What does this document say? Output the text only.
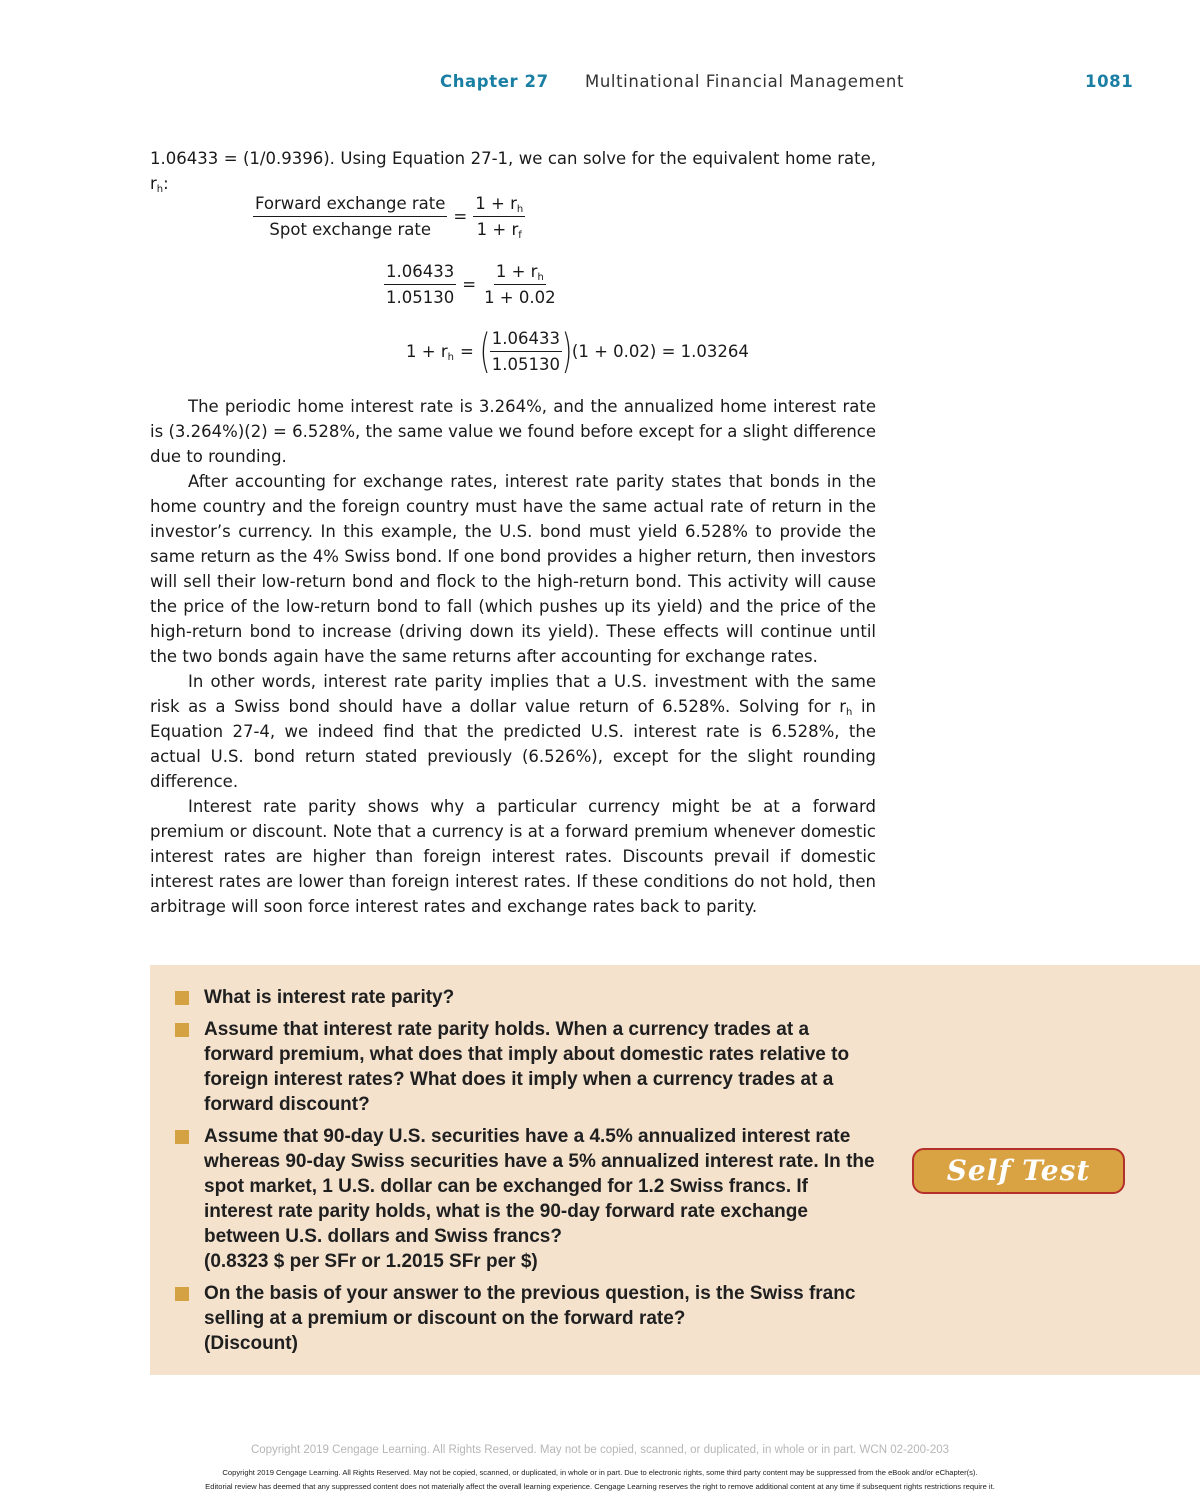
Chapter 27 Multinational Financial Management	1081

1.06433 = (1/0.9396). Using Equation 27-1, we can solve for the equivalent home rate, $r_h$:

$\frac{\text{Forward exchange rate}}{\text{Spot exchange rate}} = \frac{1 + r_h}{1 + r_f}$
$\frac{1.06433}{1.05130} = \frac{1 + r_h}{1 + 0.02}$
$1 + r_h$ = ( $\frac{1.06433}{1.05130}$ ) (1 + 0.02) = 1.03264

The periodic home interest rate is 3.264%, and the annualized home interest rate is (3.264%)(2) = 6.528%, the same value we found before except for a slight difference due to rounding.

After accounting for exchange rates, interest rate parity states that bonds in the home country and the foreign country must have the same actual rate of return in the investor’s currency. In this example, the U.S. bond must yield 6.528% to provide the same return as the 4% Swiss bond. If one bond provides a higher return, then investors will sell their low-return bond and flock to the high-return bond. This activity will cause the price of the low-return bond to fall (which pushes up its yield) and the price of the high-return bond to increase (driving down its yield). These effects will continue until the two bonds again have the same returns after accounting for exchange rates.

In other words, interest rate parity implies that a U.S. investment with the same risk as a Swiss bond should have a dollar value return of 6.528%. Solving for $r_h$ in Equation 27-4, we indeed find that the predicted U.S. interest rate is 6.528%, the actual U.S. bond return stated previously (6.526%), except for the slight rounding difference.

Interest rate parity shows why a particular currency might be at a forward premium or discount. Note that a currency is at a forward premium whenever domestic interest rates are higher than foreign interest rates. Discounts prevail if domestic interest rates are lower than foreign interest rates. If these conditions do not hold, then arbitrage will soon force interest rates and exchange rates back to parity.

What is interest rate parity?
Assume that interest rate parity holds. When a currency trades at a forward premium, what does that imply about domestic rates relative to foreign interest rates? What does it imply when a currency trades at a forward discount?
Assume that 90-day U.S. securities have a 4.5% annualized interest rate whereas 90-day Swiss securities have a 5% annualized interest rate. In the spot market, 1 U.S. dollar can be exchanged for 1.2 Swiss francs. If interest rate parity holds, what is the 90-day forward rate exchange between U.S. dollars and Swiss francs?
(0.8323 $ per SFr or 1.2015 SFr per $)
On the basis of your answer to the previous question, is the Swiss franc selling at a premium or discount on the forward rate?
(Discount)
Self Test
Copyright 2019 Cengage Learning. All Rights Reserved. May not be copied, scanned, or duplicated, in whole or in part. WCN 02-200-203
Copyright 2019 Cengage Learning. All Rights Reserved. May not be copied, scanned, or duplicated, in whole or in part. Due to electronic rights, some third party content may be suppressed from the eBook and/or eChapter(s).
Editorial review has deemed that any suppressed content does not materially affect the overall learning experience. Cengage Learning reserves the right to remove additional content at any time if subsequent rights restrictions require it.
